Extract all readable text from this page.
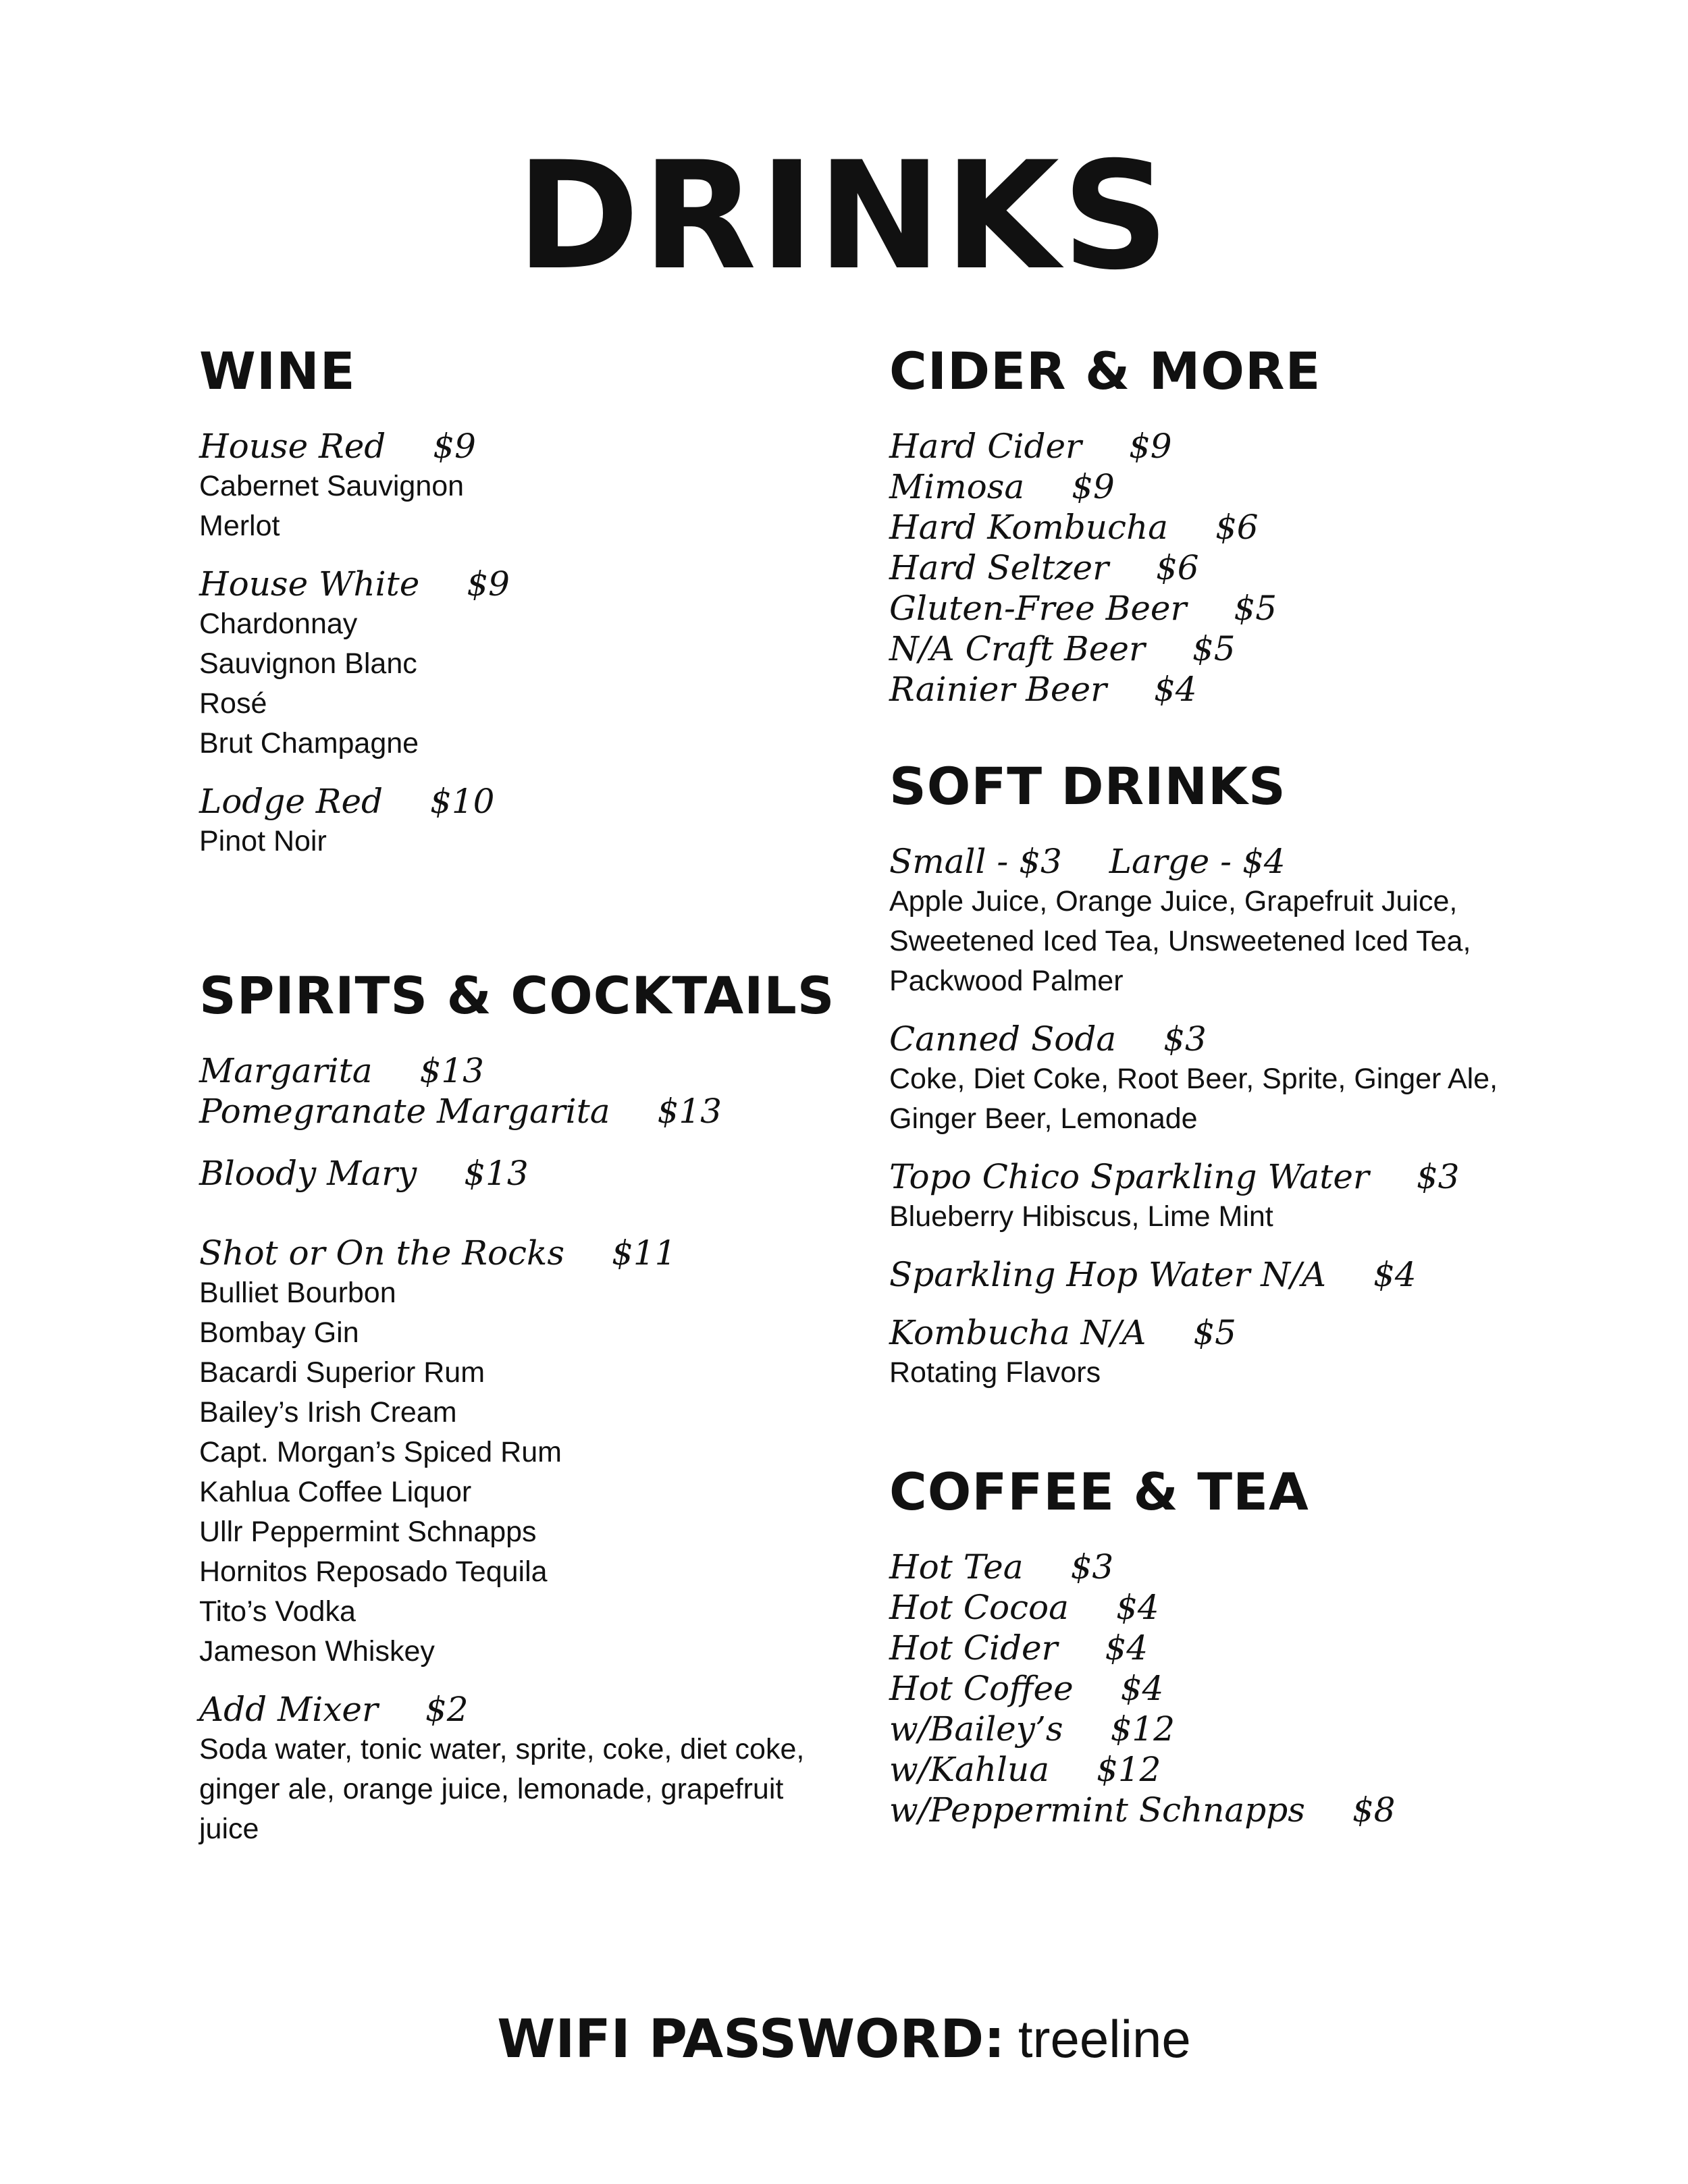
DRINKS
WINE
House Red $9
Cabernet Sauvignon
Merlot
House White $9
Chardonnay
Sauvignon Blanc
Rosé
Brut Champagne
Lodge Red $10
Pinot Noir
SPIRITS & COCKTAILS
Margarita $13
Pomegranate Margarita $13
Bloody Mary $13
Shot or On the Rocks $11
Bulliet Bourbon
Bombay Gin
Bacardi Superior Rum
Bailey’s Irish Cream
Capt. Morgan’s Spiced Rum
Kahlua Coffee Liquor
Ullr Peppermint Schnapps
Hornitos Reposado Tequila
Tito’s Vodka
Jameson Whiskey
Add Mixer $2
Soda water, tonic water, sprite, coke, diet coke, ginger ale, orange juice, lemonade, grapefruit juice
CIDER & MORE
Hard Cider $9
Mimosa $9
Hard Kombucha $6
Hard Seltzer $6
Gluten-Free Beer $5
N/A Craft Beer $5
Rainier Beer $4
SOFT DRINKS
Small - $3 Large - $4
Apple Juice, Orange Juice, Grapefruit Juice, Sweetened Iced Tea, Unsweetened Iced Tea, Packwood Palmer
Canned Soda $3
Coke, Diet Coke, Root Beer, Sprite, Ginger Ale, Ginger Beer, Lemonade
Topo Chico Sparkling Water $3
Blueberry Hibiscus, Lime Mint
Sparkling Hop Water N/A $4
Kombucha N/A $5
Rotating Flavors
COFFEE & TEA
Hot Tea $3
Hot Cocoa $4
Hot Cider $4
Hot Coffee $4
w/Bailey’s $12
w/Kahlua $12
w/Peppermint Schnapps $8
WIFI PASSWORD: treeline
